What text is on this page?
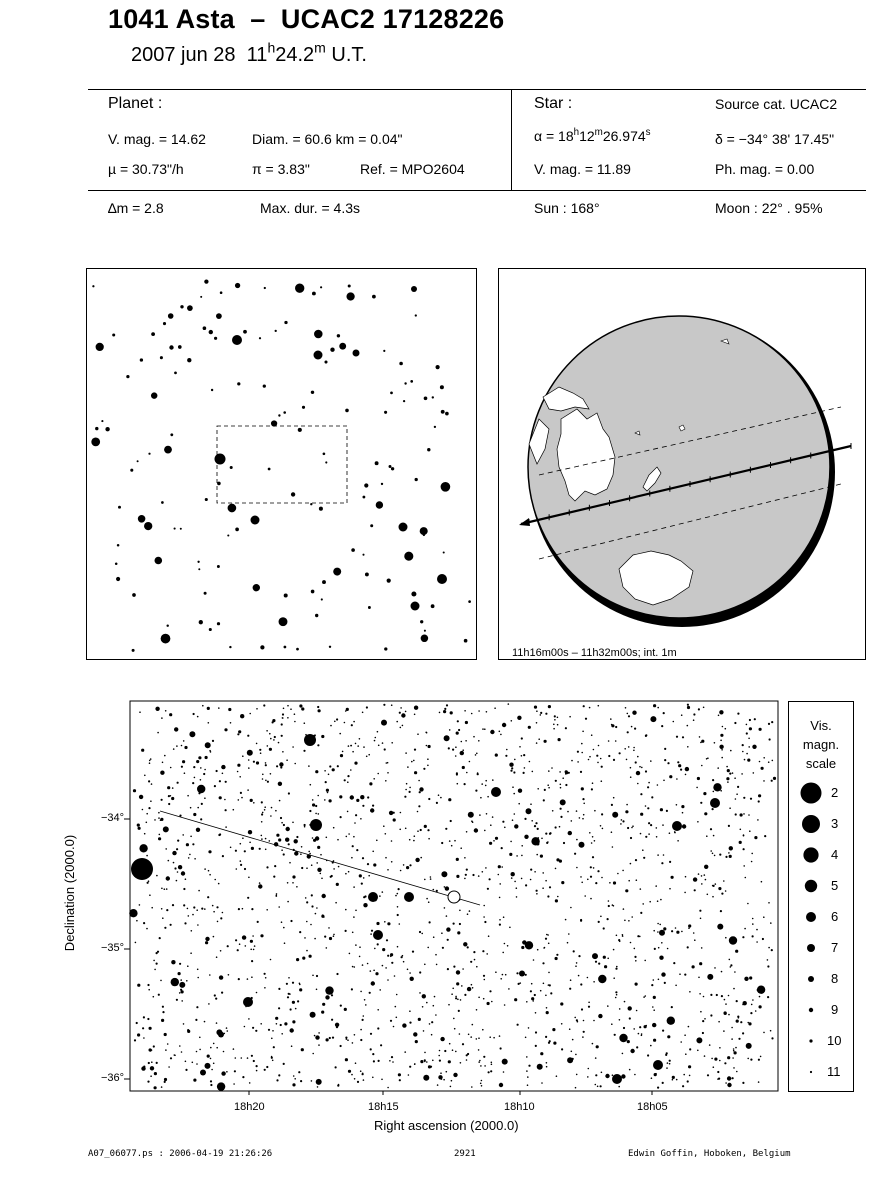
1041 Asta – UCAC2 17128226
2007 jun 28 11$^h$24.2$^m$ U.T.
Planet :
V. mag. = 14.62	Diam. = 60.6 km = 0.04"
µ = 30.73"/h	π = 3.83"	Ref. = MPO2604
∆m = 2.8	Max. dur. = 4.3s
Star :	Source cat. UCAC2
$\alpha = 18^h12^m26.974^s$	δ = −34° 38' 17.45"
V. mag. = 11.89	Ph. mag. = 0.00
Sun : 168°	Moon : 22° . 95%
11h16m00s – 11h32m00s; int. 1m
−34°
−35°
−36°
18h20	18h15	18h10	18h05
Right ascension (2000.0)
Declination (2000.0)
Vis.
magn.
scale
2
3
4
5
6
7
8
9
10
11
A07_06077.ps : 2006-04-19 21:26:26	2921	Edwin Goffin, Hoboken, Belgium
